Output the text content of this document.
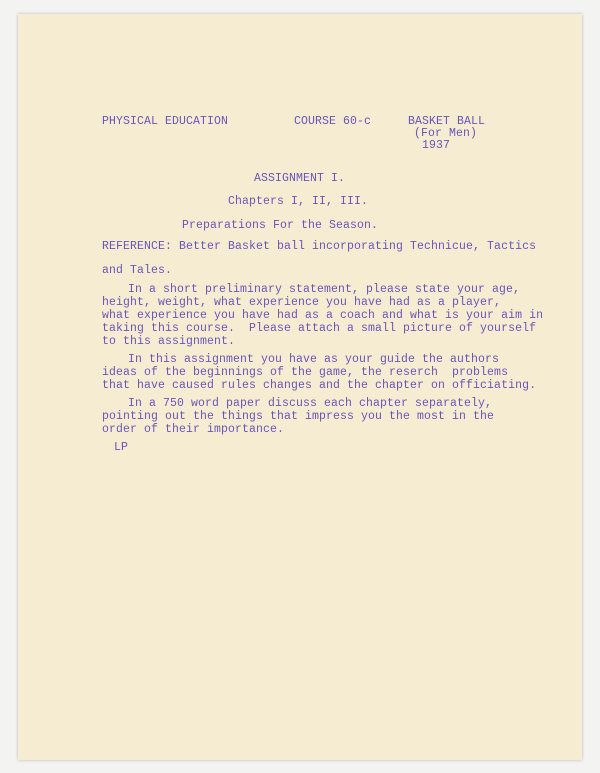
PHYSICAL EDUCATION	COURSE 60-c	BASKET BALL
(For Men)
1937
ASSIGNMENT I.
Chapters I, II, III.
Preparations For the Season.
REFERENCE: Better Basket ball incorporating Technicue, Tactics
and Tales.
In a short preliminary statement, please state your age,
height, weight, what experience you have had as a player,
what experience you have had as a coach and what is your aim in
taking this course.  Please attach a small picture of yourself
to this assignment.
In this assignment you have as your guide the authors
ideas of the beginnings of the game, the reserch  problems
that have caused rules changes and the chapter on officiating.
In a 750 word paper discuss each chapter separately,
pointing out the things that impress you the most in the
order of their importance.
LP
